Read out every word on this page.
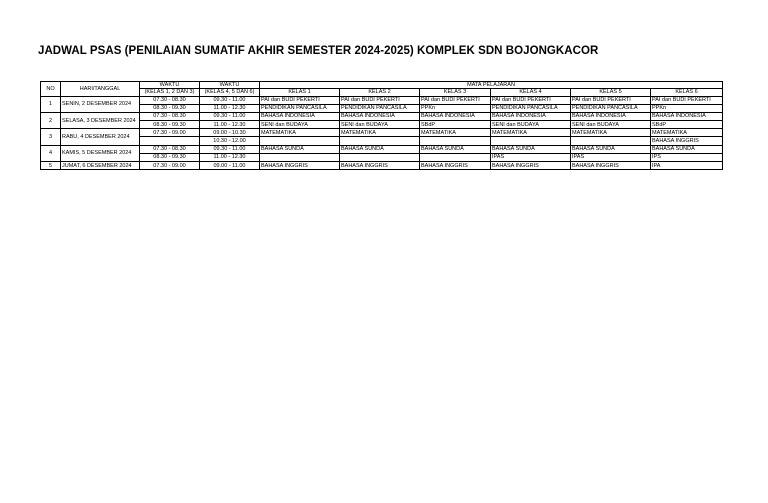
JADWAL PSAS (PENILAIAN SUMATIF AKHIR SEMESTER 2024-2025) KOMPLEK SDN BOJONGKACOR
NO	HARI/TANGGAL	WAKTU	WAKTU	MATA PELAJARAN					
		(KELAS 1, 2 DAN 3)	(KELAS 4, 5 DAN 6)	KELAS 1	KELAS 2	KELAS 3	KELAS 4	KELAS 5	KELAS 6

1	SENIN, 2 DESEMBER 2024	07.30 - 08.30	09.30 - 11.00	PAI dan BUDI PEKERTI	PAI dan BUDI PEKERTI	PAI dan BUDI PEKERTI	PAI dan BUDI PEKERTI	PAI dan BUDI PEKERTI	PAI dan BUDI PEKERTI
		08.30 - 09.30	11.00 - 12.30	PENDIDIKAN PANCASILA	PENDIDIKAN PANCASILA	PPKn	PENDIDIKAN PANCASILA	PENDIDIKAN PANCASILA	PPKn
2	SELASA, 3 DESEMBER 2024	07.30 - 08.30	09.30 - 11.00	BAHASA INDONESIA	BAHASA INDONESIA	BAHASA INDONESIA	BAHASA INDONESIA	BAHASA INDONESIA	BAHASA INDONESIA
		08.30 - 09.30	11.00 - 12.30	SENI dan BUDAYA	SENI dan BUDAYA	SBdP	SENI dan BUDAYA	SENI dan BUDAYA	SBdP
3	RABU, 4 DESEMBER 2024	07.30 - 09.00	09.00 - 10.30	MATEMATIKA	MATEMATIKA	MATEMATIKA	MATEMATIKA	MATEMATIKA	MATEMATIKA
			10.30 - 12.00						BAHASA INGGRIS
4	KAMIS, 5 DESEMBER 2024	07.30 - 08.30	09.30 - 11.00	BAHASA SUNDA	BAHASA SUNDA	BAHASA SUNDA	BAHASA SUNDA	BAHASA SUNDA	BAHASA SUNDA
		08.30 - 09.30	11.00 - 12.30				IPAS	IPAS	IPS
5	JUMAT, 6 DESEMBER 2024	07.30 - 09.00	09.00 - 11.00	BAHASA INGGRIS	BAHASA INGGRIS	BAHASA INGGRIS	BAHASA INGGRIS	BAHASA INGGRIS	IPA
